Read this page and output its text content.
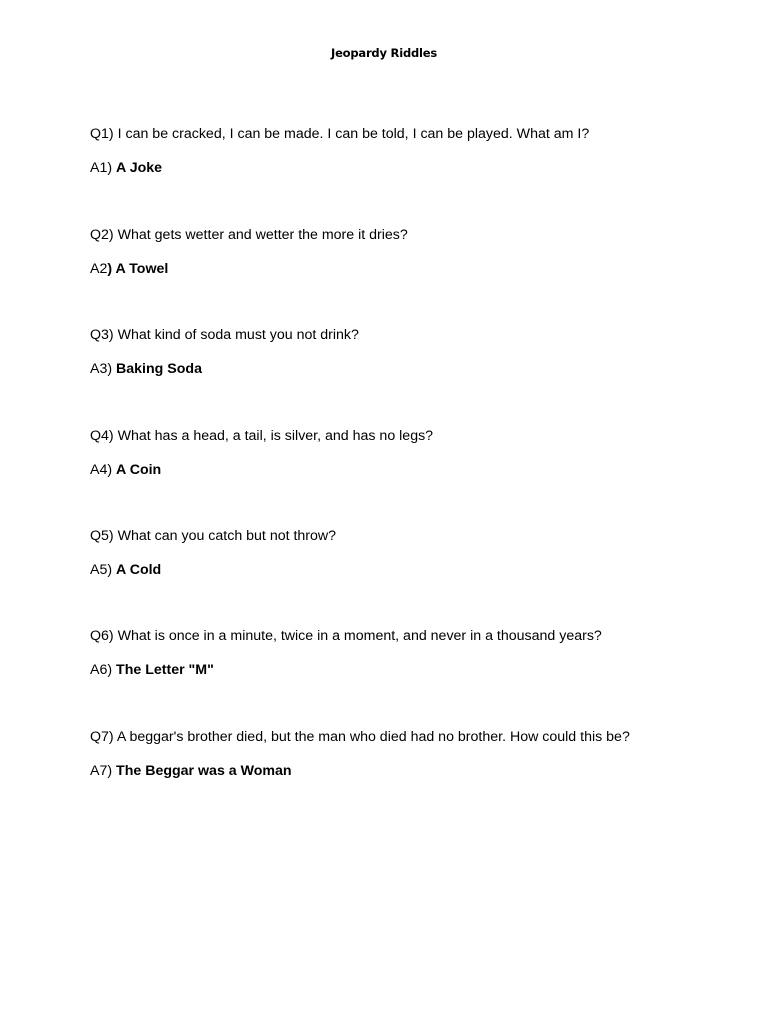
Jeopardy Riddles
Q1) I can be cracked, I can be made. I can be told, I can be played. What am I?
A1) A Joke
Q2) What gets wetter and wetter the more it dries?
A2) A Towel
Q3) What kind of soda must you not drink?
A3) Baking Soda
Q4) What has a head, a tail, is silver, and has no legs?
A4) A Coin
Q5) What can you catch but not throw?
A5) A Cold
Q6) What is once in a minute, twice in a moment, and never in a thousand years?
A6) The Letter "M"
Q7) A beggar's brother died, but the man who died had no brother. How could this be?
A7) The Beggar was a Woman
